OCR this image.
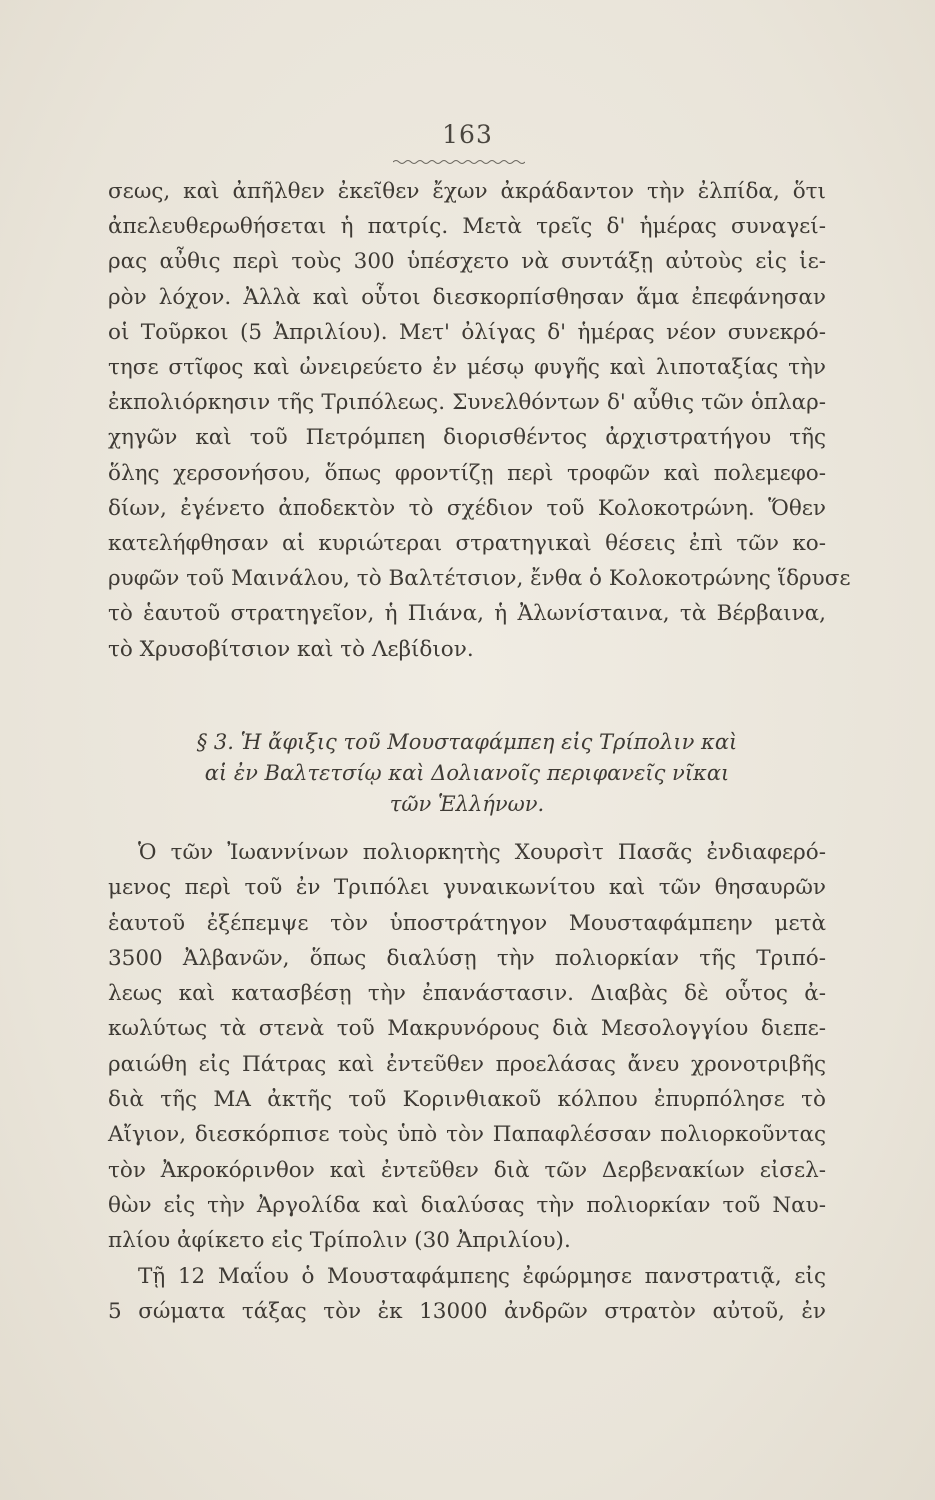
163
σεως, καὶ ἀπῆλθεν ἐκεῖθεν ἔχων ἀκράδαντον τὴν ἐλπίδα, ὅτι
ἀπελευθερωθήσεται ἡ πατρίς. Μετὰ τρεῖς δ' ἡμέρας συναγεί-
ρας αὖθις περὶ τοὺς 300 ὑπέσχετο νὰ συντάξῃ αὐτοὺς εἰς ἱε-
ρὸν λόχον. Ἀλλὰ καὶ οὗτοι διεσκορπίσθησαν ἅμα ἐπεφάνησαν
οἱ Τοῦρκοι (5 Ἀπριλίου). Μετ' ὀλίγας δ' ἡμέρας νέον συνεκρό-
τησε στῖφος καὶ ὠνειρεύετο ἐν μέσῳ φυγῆς καὶ λιποταξίας τὴν
ἐκπολιόρκησιν τῆς Τριπόλεως. Συνελθόντων δ' αὖθις τῶν ὁπλαρ-
χηγῶν καὶ τοῦ Πετρόμπεη διορισθέντος ἀρχιστρατήγου τῆς
ὅλης χερσονήσου, ὅπως φροντίζῃ περὶ τροφῶν καὶ πολεμεφο-
δίων, ἐγένετο ἀποδεκτὸν τὸ σχέδιον τοῦ Κολοκοτρώνη. Ὅθεν
κατελήφθησαν αἱ κυριώτεραι στρατηγικαὶ θέσεις ἐπὶ τῶν κο-
ρυφῶν τοῦ Μαινάλου, τὸ Βαλτέτσιον, ἔνθα ὁ Κολοκοτρώνης ἵδρυσε
τὸ ἑαυτοῦ στρατηγεῖον, ἡ Πιάνα, ἡ Ἀλωνίσταινα, τὰ Βέρβαινα,
τὸ Χρυσοβίτσιον καὶ τὸ Λεβίδιον.
§ 3. Ἡ ἄφιξις τοῦ Μουσταφάμπεη εἰς Τρίπολιν καὶ
αἱ ἐν Βαλτετσίῳ καὶ Δολιανοῖς περιφανεῖς νῖκαι
τῶν Ἑλλήνων.
Ὁ τῶν Ἰωαννίνων πολιορκητὴς Χουρσὶτ Πασᾶς ἐνδιαφερό-
μενος περὶ τοῦ ἐν Τριπόλει γυναικωνίτου καὶ τῶν θησαυρῶν
ἑαυτοῦ ἐξέπεμψε τὸν ὑποστράτηγον Μουσταφάμπεην μετὰ
3500 Ἀλβανῶν, ὅπως διαλύσῃ τὴν πολιορκίαν τῆς Τριπό-
λεως καὶ κατασβέσῃ τὴν ἐπανάστασιν. Διαβὰς δὲ οὗτος ἀ-
κωλύτως τὰ στενὰ τοῦ Μακρυνόρους διὰ Μεσολογγίου διεπε-
ραιώθη εἰς Πάτρας καὶ ἐντεῦθεν προελάσας ἄνευ χρονοτριβῆς
διὰ τῆς ΜΑ ἀκτῆς τοῦ Κορινθιακοῦ κόλπου ἐπυρπόλησε τὸ
Αἴγιον, διεσκόρπισε τοὺς ὑπὸ τὸν Παπαφλέσσαν πολιορκοῦντας
τὸν Ἀκροκόρινθον καὶ ἐντεῦθεν διὰ τῶν Δερβενακίων εἰσελ-
θὼν εἰς τὴν Ἀργολίδα καὶ διαλύσας τὴν πολιορκίαν τοῦ Ναυ-
πλίου ἀφίκετο εἰς Τρίπολιν (30 Ἀπριλίου).
Τῇ 12 Μαΐου ὁ Μουσταφάμπεης ἐφώρμησε πανστρατιᾷ, εἰς
5 σώματα τάξας τὸν ἐκ 13000 ἀνδρῶν στρατὸν αὐτοῦ, ἐν
